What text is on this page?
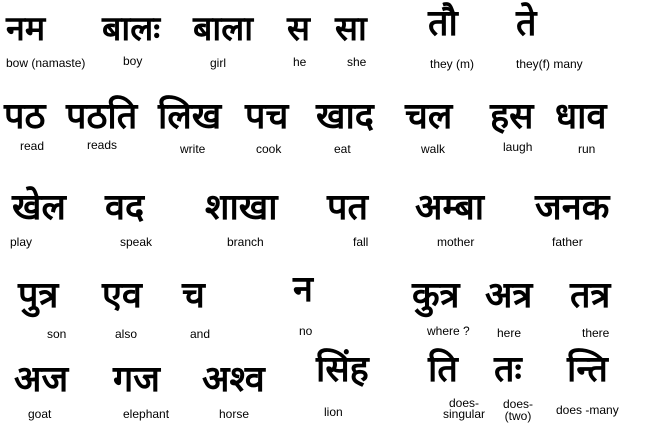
नम
bow (namaste)
बालः
boy
बाला
girl
स
he
सा
she
तौ
they (m)
ते
they(f) many
पठ
read
पठति
reads
लिख
write
पच
cook
खाद
eat
चल
walk
हस
laugh
धाव
run
खेल
play
वद
speak
शाखा
branch
पत
fall
अम्बा
mother
जनक
father
पुत्र
son
एव
also
च
and
न
no
कुत्र
where ?
अत्र
here
तत्र
there
अज
goat
गज
elephant
अश्व
horse
सिंह
lion
ति
does-singular
तः
does- (two)
न्ति
does -many
